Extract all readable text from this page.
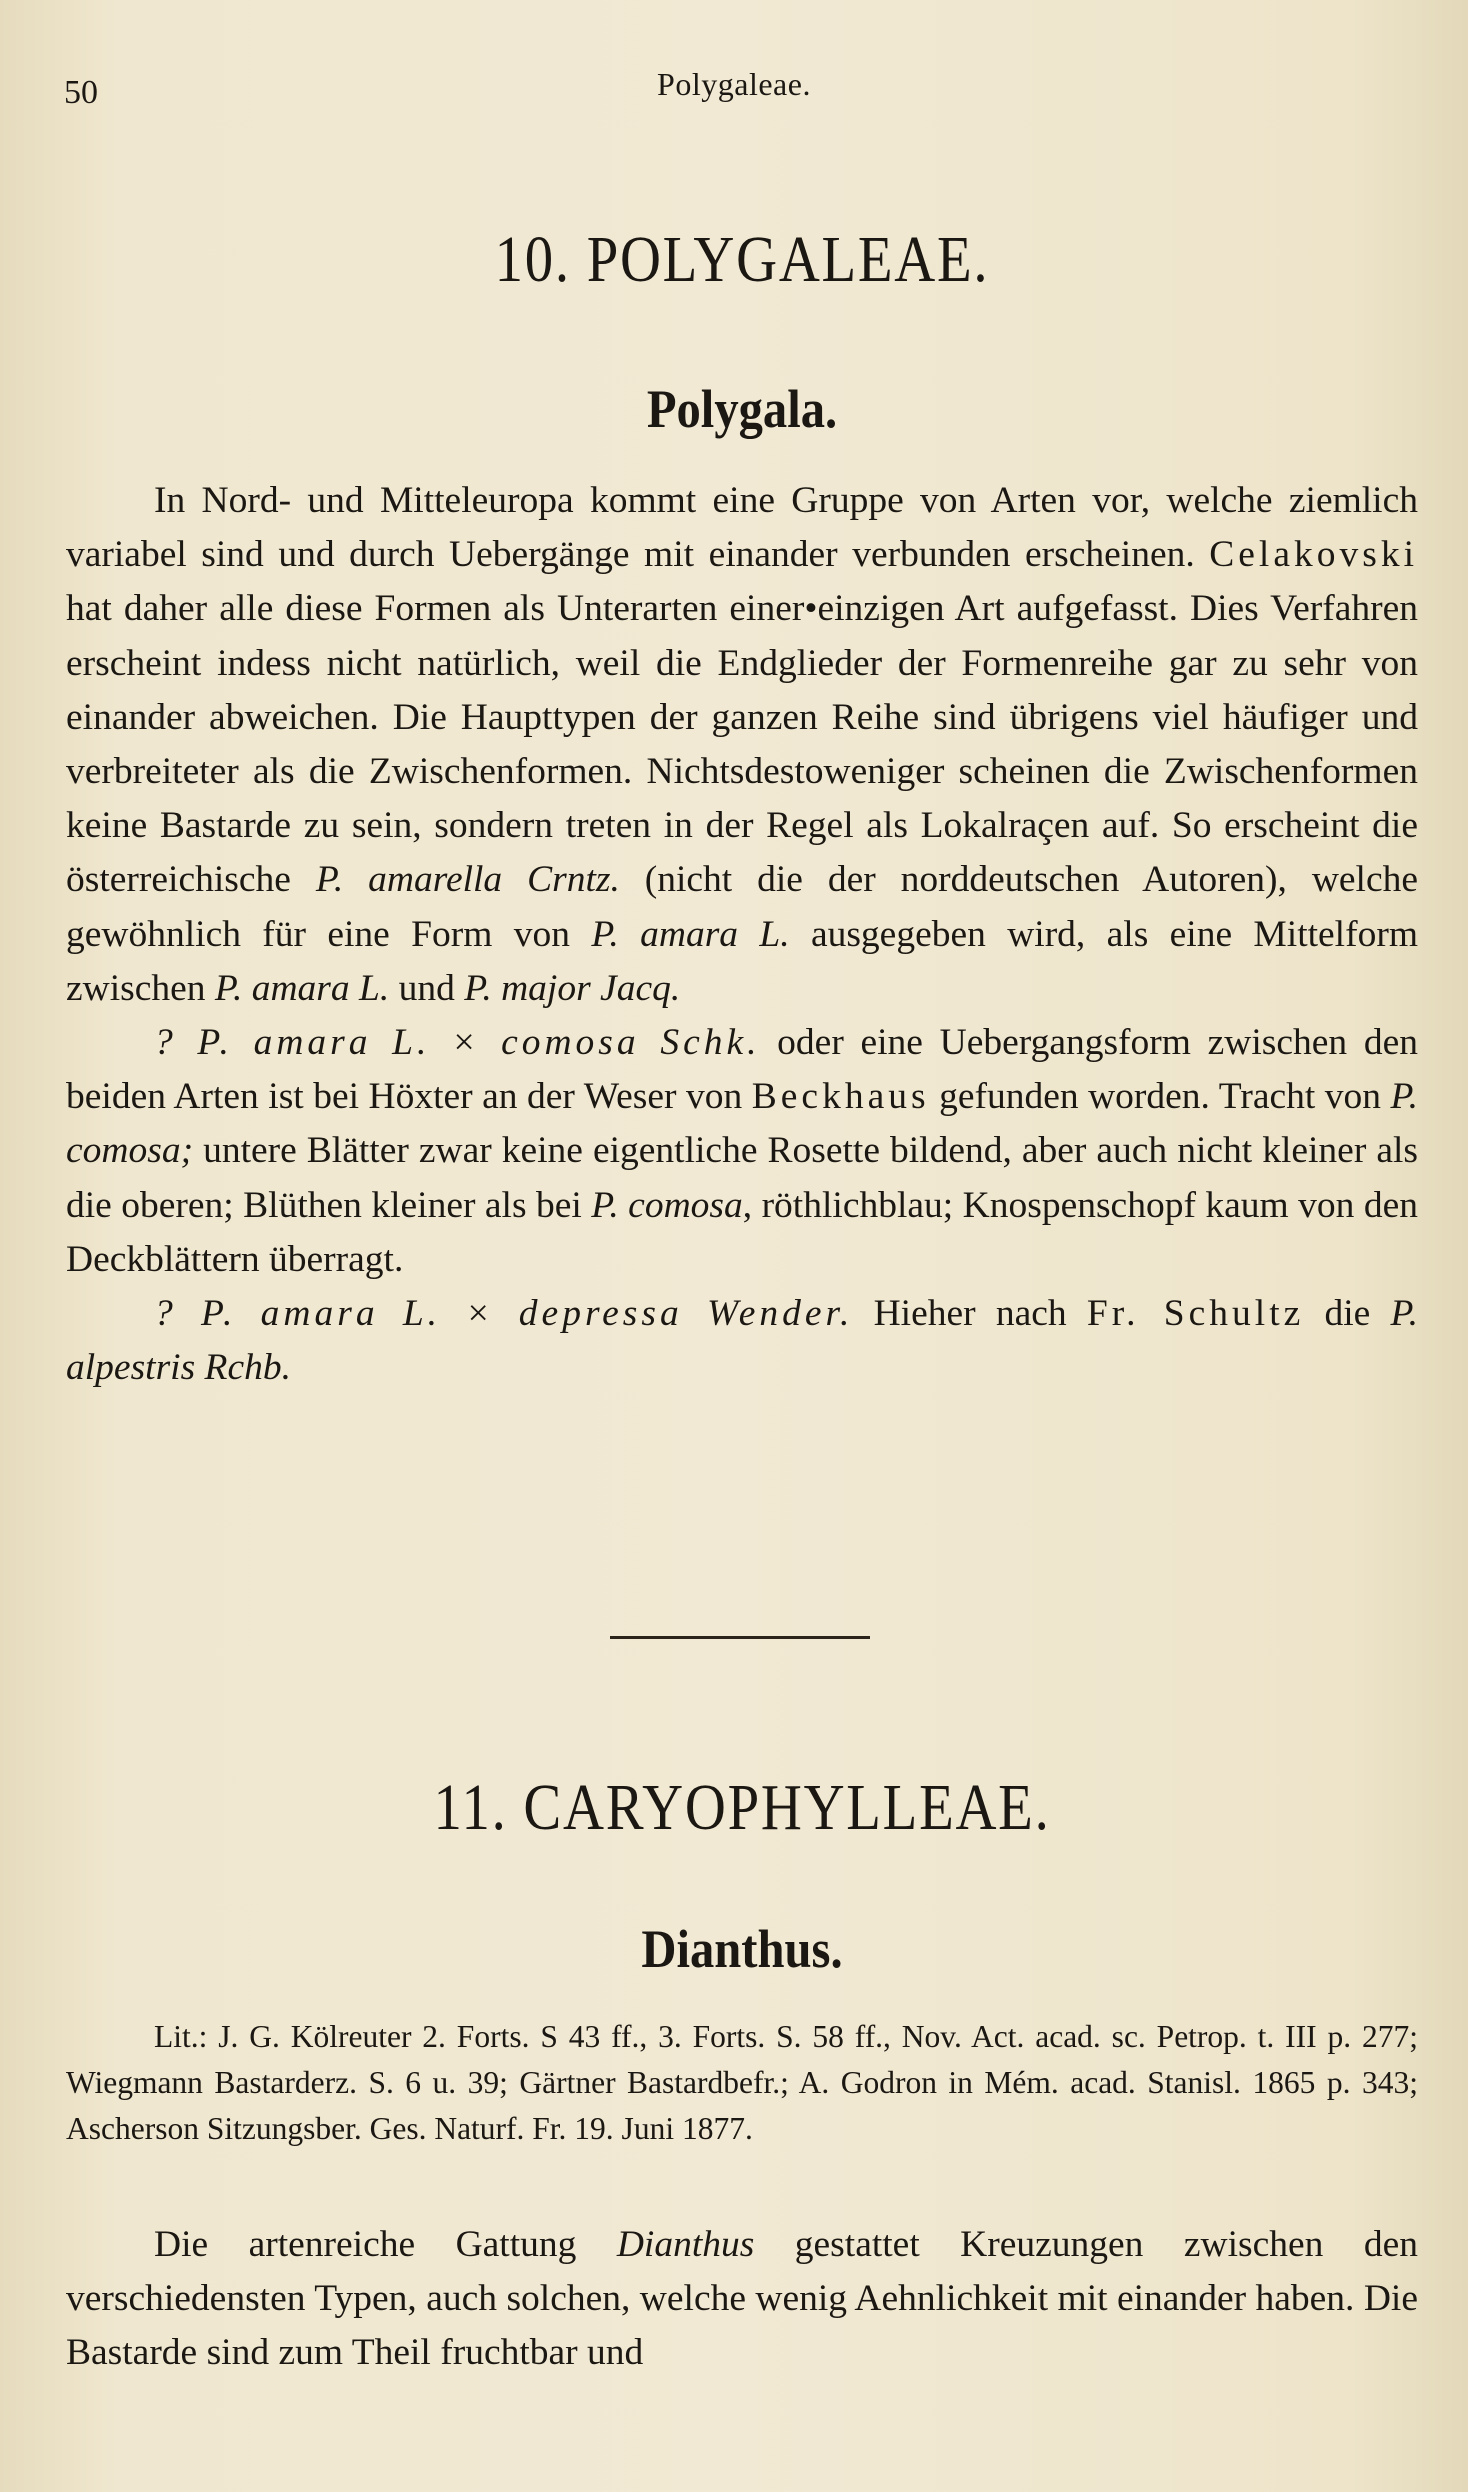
50	Polygaleae.
10. POLYGALEAE.
Polygala.

In Nord- und Mitteleuropa kommt eine Gruppe von Arten vor, welche ziemlich variabel sind und durch Uebergänge mit einander verbunden erscheinen. Celakovski hat daher alle diese Formen als Unterarten einer•einzigen Art aufgefasst. Dies Verfahren erscheint indess nicht natürlich, weil die Endglieder der Formenreihe gar zu sehr von einander abweichen. Die Haupttypen der ganzen Reihe sind übrigens viel häufiger und verbreiteter als die Zwischenformen. Nichtsdestoweniger scheinen die Zwischenformen keine Bastarde zu sein, sondern treten in der Regel als Lokalraçen auf. So erscheint die österreichische P. amarella Crntz. (nicht die der norddeutschen Autoren), welche gewöhnlich für eine Form von P. amara L. ausgegeben wird, als eine Mittelform zwischen P. amara L. und P. major Jacq.

? P. amara L. × comosa Schk. oder eine Uebergangsform zwischen den beiden Arten ist bei Höxter an der Weser von Beckhaus gefunden worden. Tracht von P. comosa; untere Blätter zwar keine eigentliche Rosette bildend, aber auch nicht kleiner als die oberen; Blüthen kleiner als bei P. comosa, röthlichblau; Knospenschopf kaum von den Deckblättern überragt.

? P. amara L. × depressa Wender. Hieher nach Fr. Schultz die P. alpestris Rchb.

11. CARYOPHYLLEAE.
Dianthus.

Lit.: J. G. Kölreuter 2. Forts. S 43 ff., 3. Forts. S. 58 ff., Nov. Act. acad. sc. Petrop. t. III p. 277; Wiegmann Bastarderz. S. 6 u. 39; Gärtner Bastardbefr.; A. Godron in Mém. acad. Stanisl. 1865 p. 343; Ascherson Sitzungsber. Ges. Naturf. Fr. 19. Juni 1877.

Die artenreiche Gattung Dianthus gestattet Kreuzungen zwischen den verschiedensten Typen, auch solchen, welche wenig Aehnlichkeit mit einander haben. Die Bastarde sind zum Theil fruchtbar und
